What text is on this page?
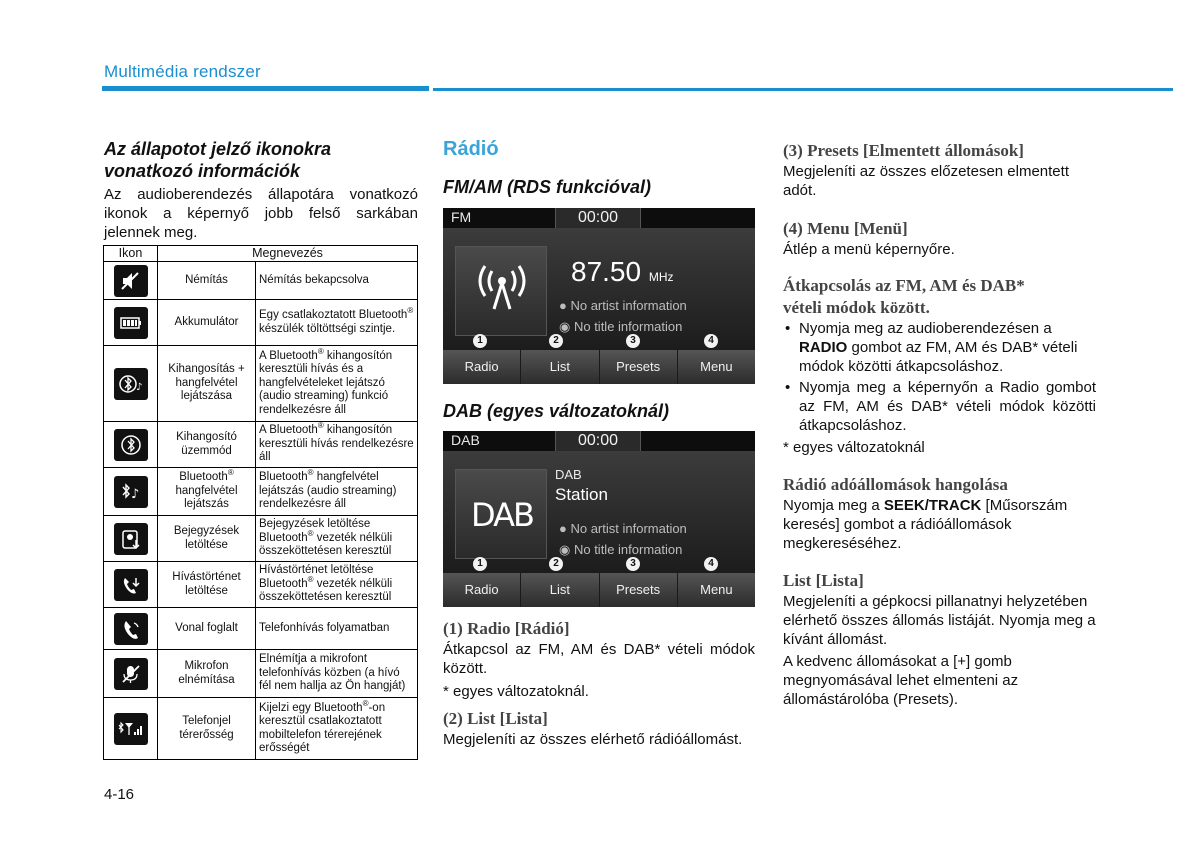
Multimédia rendszer
Az állapotot jelző ikonokra
vonatkozó információk
Az audioberendezés állapotára vonatkozó ikonok a képernyő jobb felső sarkában jelennek meg.
Ikon	Megnevezés	

	Némítás	Némítás bekapcsolva

	Akkumulátor	Egy csatlakoztatott Bluetooth® készülék töltöttségi szintje.

♪	Kihangosítás + hangfelvétel lejátszása	A Bluetooth® kihangosítón keresztüli hívás és a hangfelvételeket lejátszó (audio streaming) funkció rendelkezésre áll

	Kihangosító üzemmód	A Bluetooth® kihangosítón keresztüli hívás rendelkezésre áll

♪	Bluetooth® hangfelvétel lejátszás	Bluetooth® hangfelvétel lejátszás (audio streaming) rendelkezésre áll

	Bejegyzések letöltése	Bejegyzések letöltése Bluetooth® vezeték nélküli összeköttetésen keresztül

	Hívástörténet letöltése	Hívástörténet letöltése Bluetooth® vezeték nélküli összeköttetésen keresztül

	Vonal foglalt	Telefonhívás folyamatban

	Mikrofon elnémítása	Elnémítja a mikrofont telefonhívás közben (a hívó fél nem hallja az Ön hangját)

	Telefonjel térerősség	Kijelzi egy Bluetooth®-on keresztül csatlakoztatott mobiltelefon térerejének erősségét
4-16
Rádió
FM/AM (RDS funkcióval)
FM	00:00
87.50 MHz
● No artist information
◉ No title information
1	2	3	4
Radio	List	Presets	Menu
DAB (egyes változatoknál)
DAB	00:00
DAB
DAB
Station
● No artist information
◉ No title information
1	2	3	4
Radio	List	Presets	Menu
(1) Radio [Rádió]
Átkapcsol az FM, AM és DAB* vételi módok között.
* egyes változatoknál.
(2) List [Lista]
Megjeleníti az összes elérhető rádióállomást.
(3) Presets [Elmentett állomások]
Megjeleníti az összes előzetesen elmentett adót.
(4) Menu [Menü]
Átlép a menü képernyőre.
Átkapcsolás az FM, AM és DAB*
vételi módok között.
• Nyomja meg az audioberendezésen a RADIO gombot az FM, AM és DAB* vételi módok közötti átkapcsoláshoz.
• Nyomja meg a képernyőn a Radio gombot az FM, AM és DAB* vételi módok közötti átkapcsoláshoz.
* egyes változatoknál
Rádió adóállomások hangolása
Nyomja meg a SEEK/TRACK [Műsorszám keresés] gombot a rádióállomások megkereséséhez.
List [Lista]
Megjeleníti a gépkocsi pillanatnyi helyzetében elérhető összes állomás listáját. Nyomja meg a kívánt állomást.
A kedvenc állomásokat a [+] gomb megnyomásával lehet elmenteni az állomástárolóba (Presets).
